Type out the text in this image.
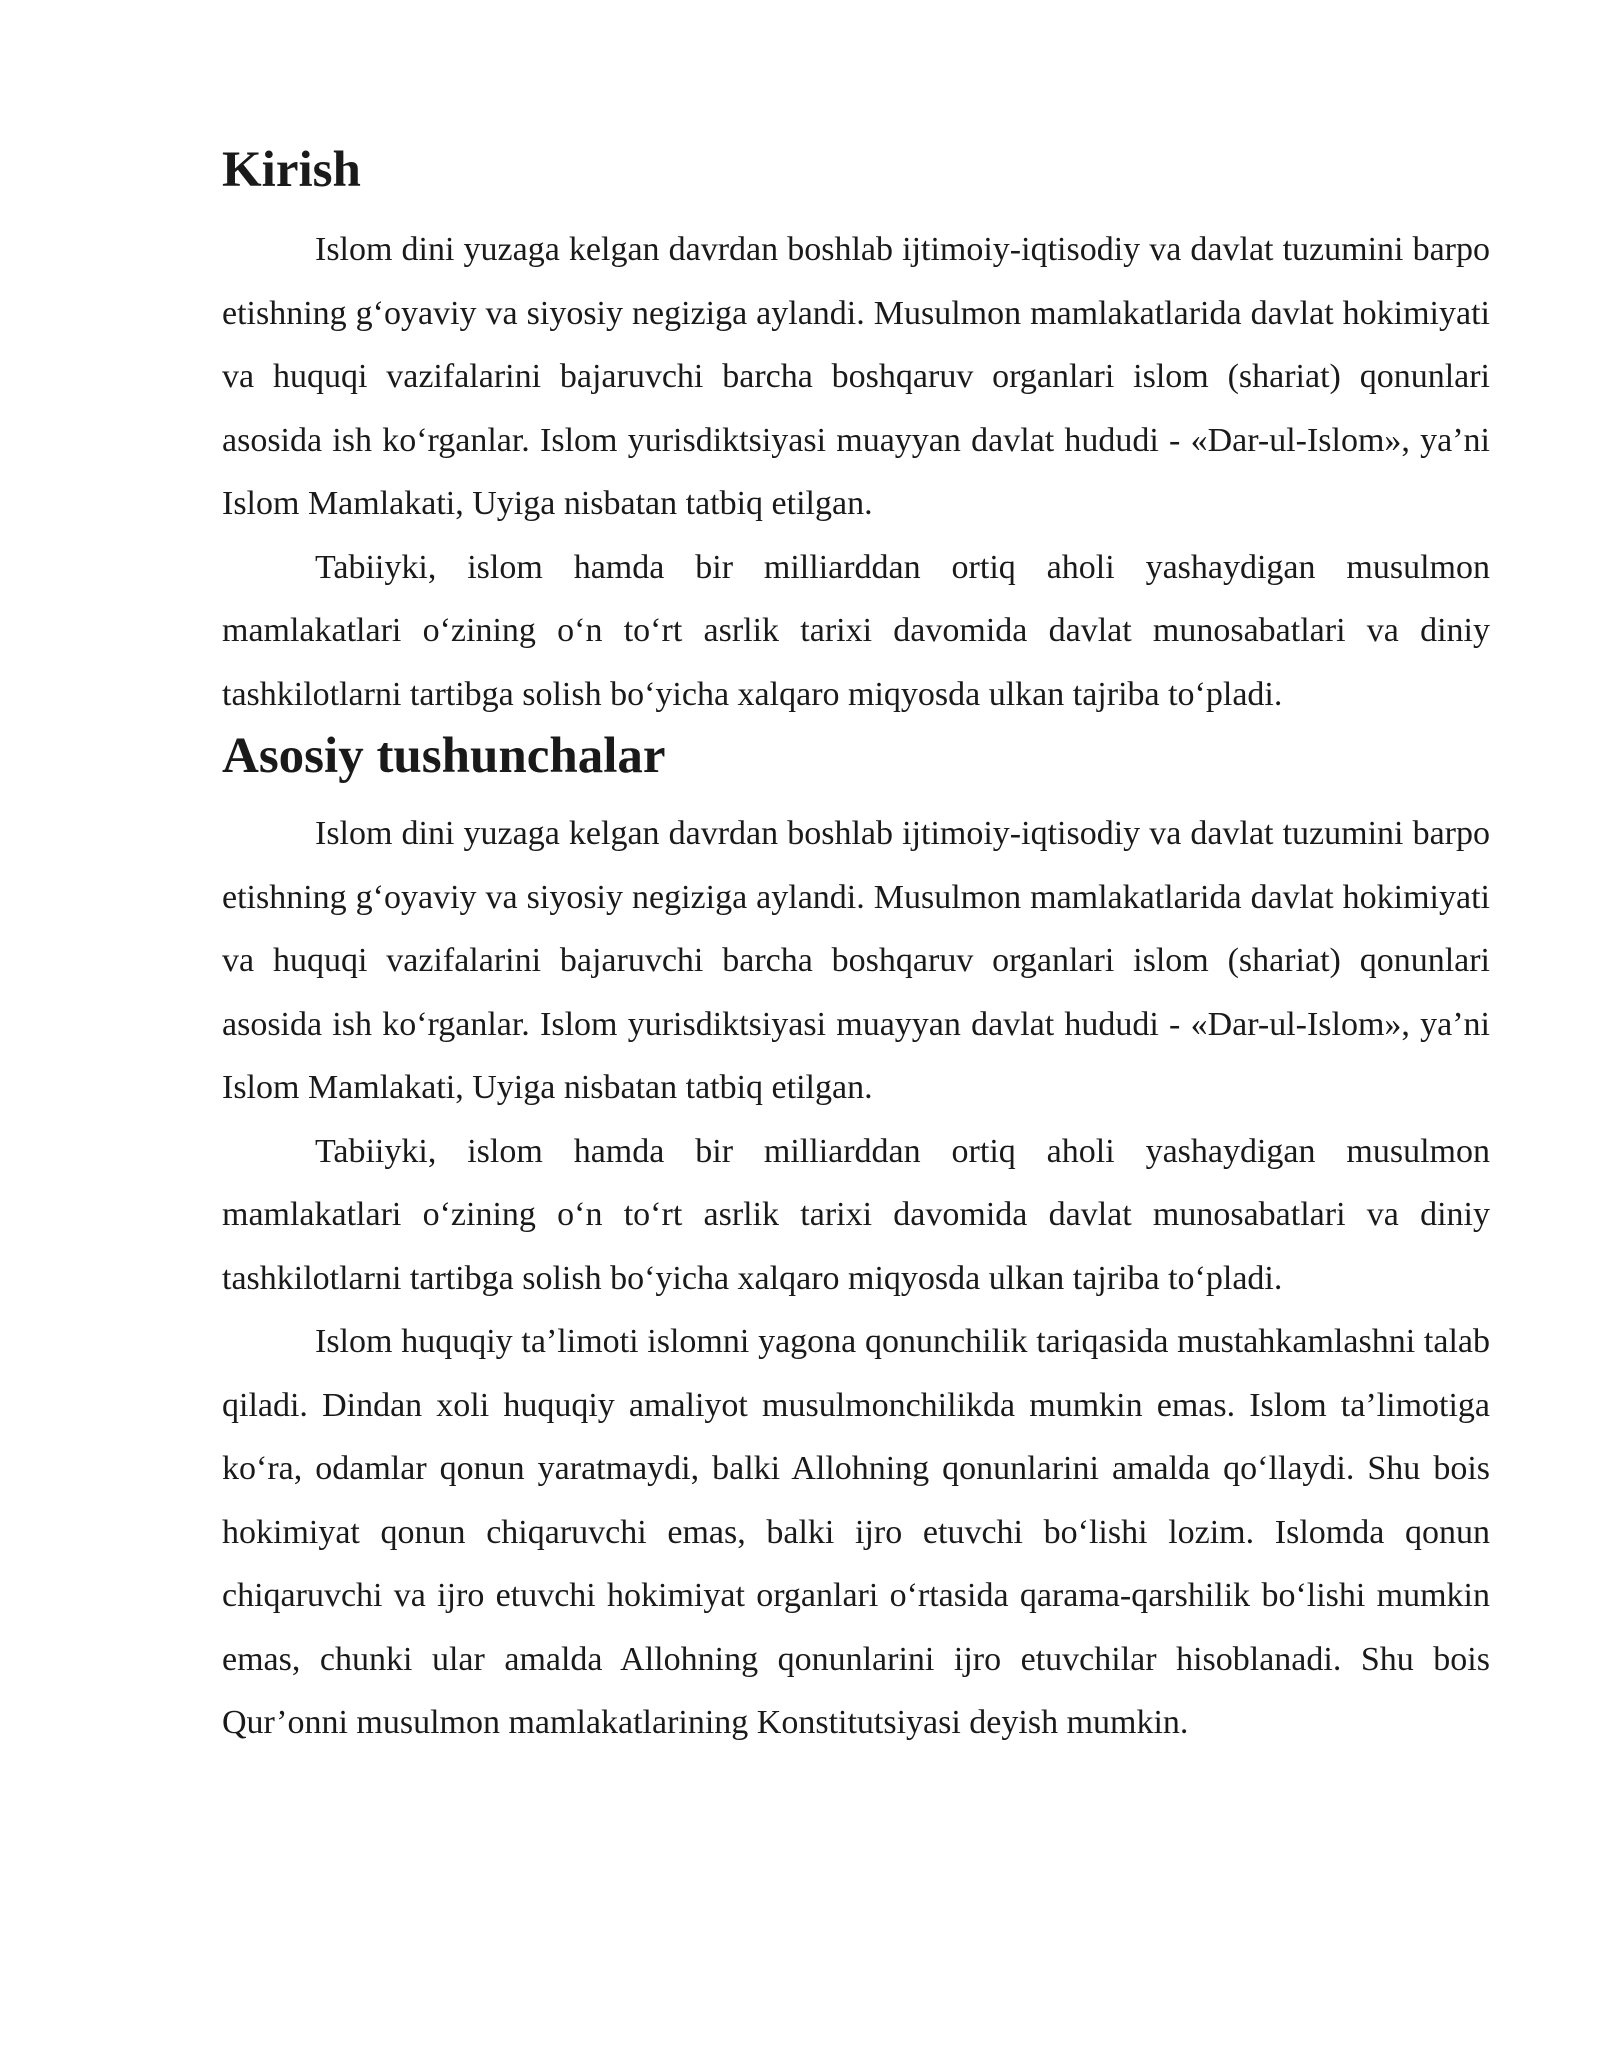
Kirish

Islom dini yuzaga kelgan davrdan boshlab ijtimoiy-iqtisodiy va davlat tuzumini barpo etishning g‘oyaviy va siyosiy negiziga aylandi. Musulmon mamlakatlarida davlat hokimiyati va huquqi vazifalarini bajaruvchi barcha boshqaruv organlari islom (shariat) qonunlari asosida ish ko‘rganlar. Islom yurisdiktsiyasi muayyan davlat hududi - «Dar-ul-Islom», ya’ni Islom Mamlakati, Uyiga nisbatan tatbiq etilgan.

Tabiiyki, islom hamda bir milliarddan ortiq aholi yashaydigan musulmon mamlakatlari o‘zining o‘n to‘rt asrlik tarixi davomida davlat munosabatlari va diniy tashkilotlarni tartibga solish bo‘yicha xalqaro miqyosda ulkan tajriba to‘pladi.

Asosiy tushunchalar

Islom dini yuzaga kelgan davrdan boshlab ijtimoiy-iqtisodiy va davlat tuzumini barpo etishning g‘oyaviy va siyosiy negiziga aylandi. Musulmon mamlakatlarida davlat hokimiyati va huquqi vazifalarini bajaruvchi barcha boshqaruv organlari islom (shariat) qonunlari asosida ish ko‘rganlar. Islom yurisdiktsiyasi muayyan davlat hududi - «Dar-ul-Islom», ya’ni Islom Mamlakati, Uyiga nisbatan tatbiq etilgan.

Tabiiyki, islom hamda bir milliarddan ortiq aholi yashaydigan musulmon mamlakatlari o‘zining o‘n to‘rt asrlik tarixi davomida davlat munosabatlari va diniy tashkilotlarni tartibga solish bo‘yicha xalqaro miqyosda ulkan tajriba to‘pladi.

Islom huquqiy ta’limoti islomni yagona qonunchilik tariqasida mustahkamlashni talab qiladi. Dindan xoli huquqiy amaliyot musulmonchilikda mumkin emas. Islom ta’limotiga ko‘ra, odamlar qonun yaratmaydi, balki Allohning qonunlarini amalda qo‘llaydi. Shu bois hokimiyat qonun chiqaruvchi emas, balki ijro etuvchi bo‘lishi lozim. Islomda qonun chiqaruvchi va ijro etuvchi hokimiyat organlari o‘rtasida qarama-qarshilik bo‘lishi mumkin emas, chunki ular amalda Allohning qonunlarini ijro etuvchilar hisoblanadi. Shu bois Qur’onni musulmon mamlakatlarining Konstitutsiyasi deyish mumkin.
